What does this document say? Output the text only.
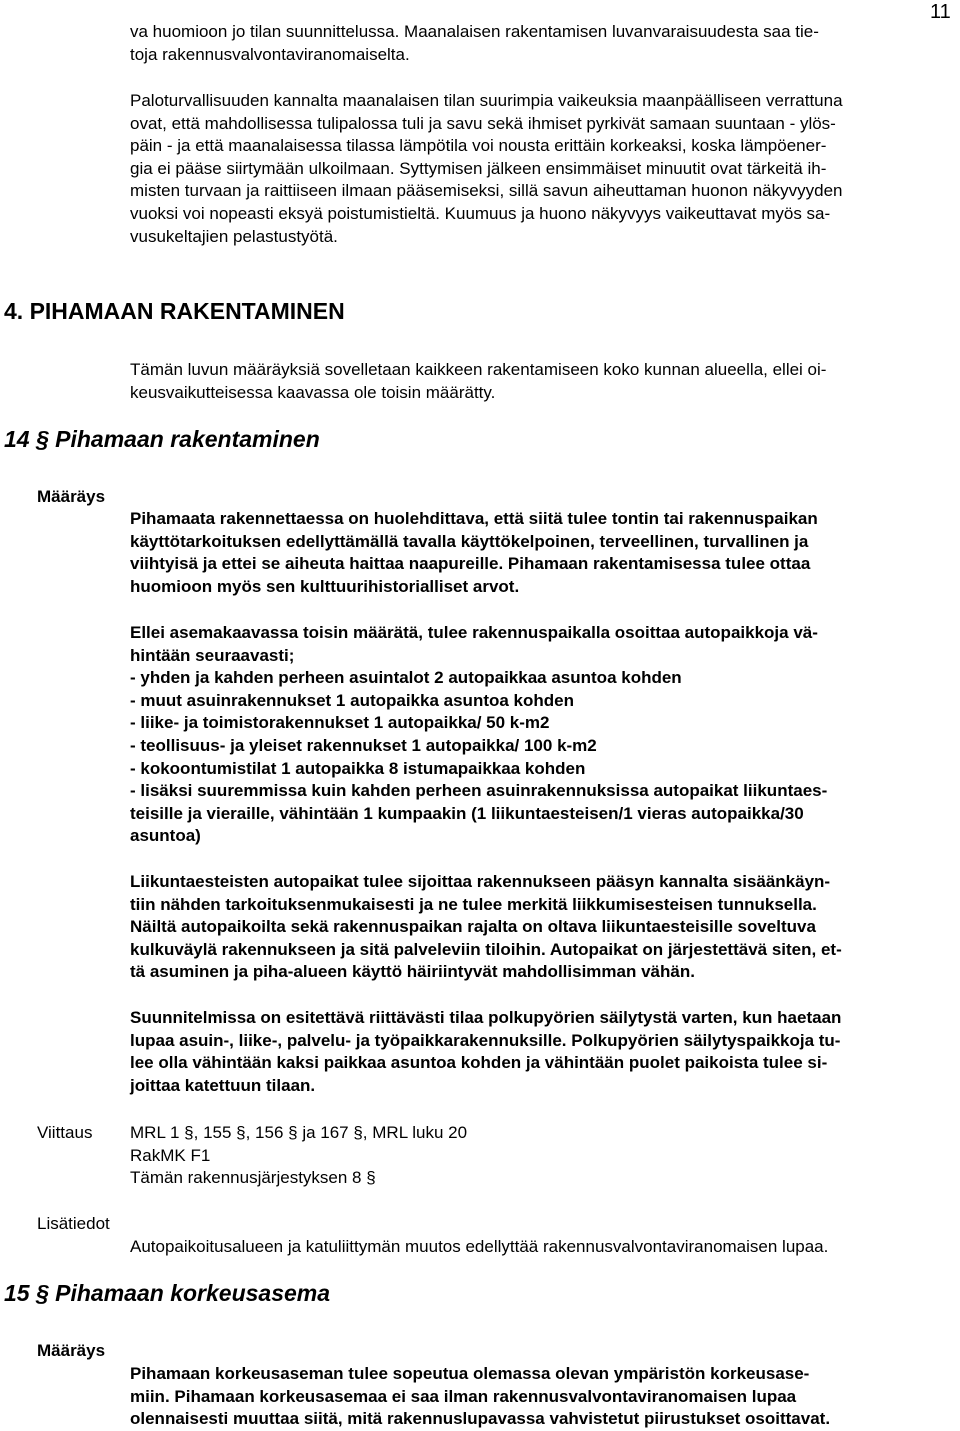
11
va huomioon jo tilan suunnittelussa. Maanalaisen rakentamisen luvanvaraisuudesta saa tie-
toja rakennusvalvontaviranomaiselta.
Paloturvallisuuden kannalta maanalaisen tilan suurimpia vaikeuksia maanpäälliseen verrattuna
ovat, että mahdollisessa tulipalossa tuli ja savu sekä ihmiset pyrkivät samaan suuntaan - ylös-
päin - ja että maanalaisessa tilassa lämpötila voi nousta erittäin korkeaksi, koska lämpöener-
gia ei pääse siirtymään ulkoilmaan. Syttymisen jälkeen ensimmäiset minuutit ovat tärkeitä ih-
misten turvaan ja raittiiseen ilmaan pääsemiseksi, sillä savun aiheuttaman huonon näkyvyyden
vuoksi voi nopeasti eksyä poistumistieltä. Kuumuus ja huono näkyvyys vaikeuttavat myös sa-
vusukeltajien pelastustyötä.
4. PIHAMAAN RAKENTAMINEN
Tämän luvun määräyksiä sovelletaan kaikkeen rakentamiseen koko kunnan alueella, ellei oi-
keusvaikutteisessa kaavassa ole toisin määrätty.
14 § Pihamaan rakentaminen
Määräys
Pihamaata rakennettaessa on huolehdittava, että siitä tulee tontin tai rakennuspaikan
käyttötarkoituksen edellyttämällä tavalla käyttökelpoinen, terveellinen, turvallinen ja
viihtyisä ja ettei se aiheuta haittaa naapureille. Pihamaan rakentamisessa tulee ottaa
huomioon myös sen kulttuurihistorialliset arvot.
Ellei asemakaavassa toisin määrätä, tulee rakennuspaikalla osoittaa autopaikkoja vä-
hintään seuraavasti;
- yhden ja kahden perheen asuintalot 2 autopaikkaa asuntoa kohden
- muut asuinrakennukset 1 autopaikka asuntoa kohden
- liike- ja toimistorakennukset 1 autopaikka/ 50 k-m2
- teollisuus- ja yleiset rakennukset 1 autopaikka/ 100 k-m2
- kokoontumistilat 1 autopaikka 8 istumapaikkaa kohden
- lisäksi suuremmissa kuin kahden perheen asuinrakennuksissa autopaikat liikuntaes-
teisille ja vieraille, vähintään 1 kumpaakin (1 liikuntaesteisen/1 vieras autopaikka/30
asuntoa)
Liikuntaesteisten autopaikat tulee sijoittaa rakennukseen pääsyn kannalta sisäänkäyn-
tiin nähden tarkoituksenmukaisesti ja ne tulee merkitä liikkumisesteisen tunnuksella.
Näiltä autopaikoilta sekä rakennuspaikan rajalta on oltava liikuntaesteisille soveltuva
kulkuväylä rakennukseen ja sitä palveleviin tiloihin. Autopaikat on järjestettävä siten, et-
tä asuminen ja piha-alueen käyttö häiriintyvät mahdollisimman vähän.
Suunnitelmissa on esitettävä riittävästi tilaa polkupyörien säilytystä varten, kun haetaan
lupaa asuin-, liike-, palvelu- ja työpaikkarakennuksille. Polkupyörien säilytyspaikkoja tu-
lee olla vähintään kaksi paikkaa asuntoa kohden ja vähintään puolet paikoista tulee si-
joittaa katettuun tilaan.
Viittaus MRL 1 §, 155 §, 156 § ja 167 §, MRL luku 20
RakMK F1
Tämän rakennusjärjestyksen 8 §
Lisätiedot
Autopaikoitusalueen ja katuliittymän muutos edellyttää rakennusvalvontaviranomaisen lupaa.
15 § Pihamaan korkeusasema
Määräys
Pihamaan korkeusaseman tulee sopeutua olemassa olevan ympäristön korkeusase-
miin. Pihamaan korkeusasemaa ei saa ilman rakennusvalvontaviranomaisen lupaa
olennaisesti muuttaa siitä, mitä rakennuslupavassa vahvistetut piirustukset osoittavat.
